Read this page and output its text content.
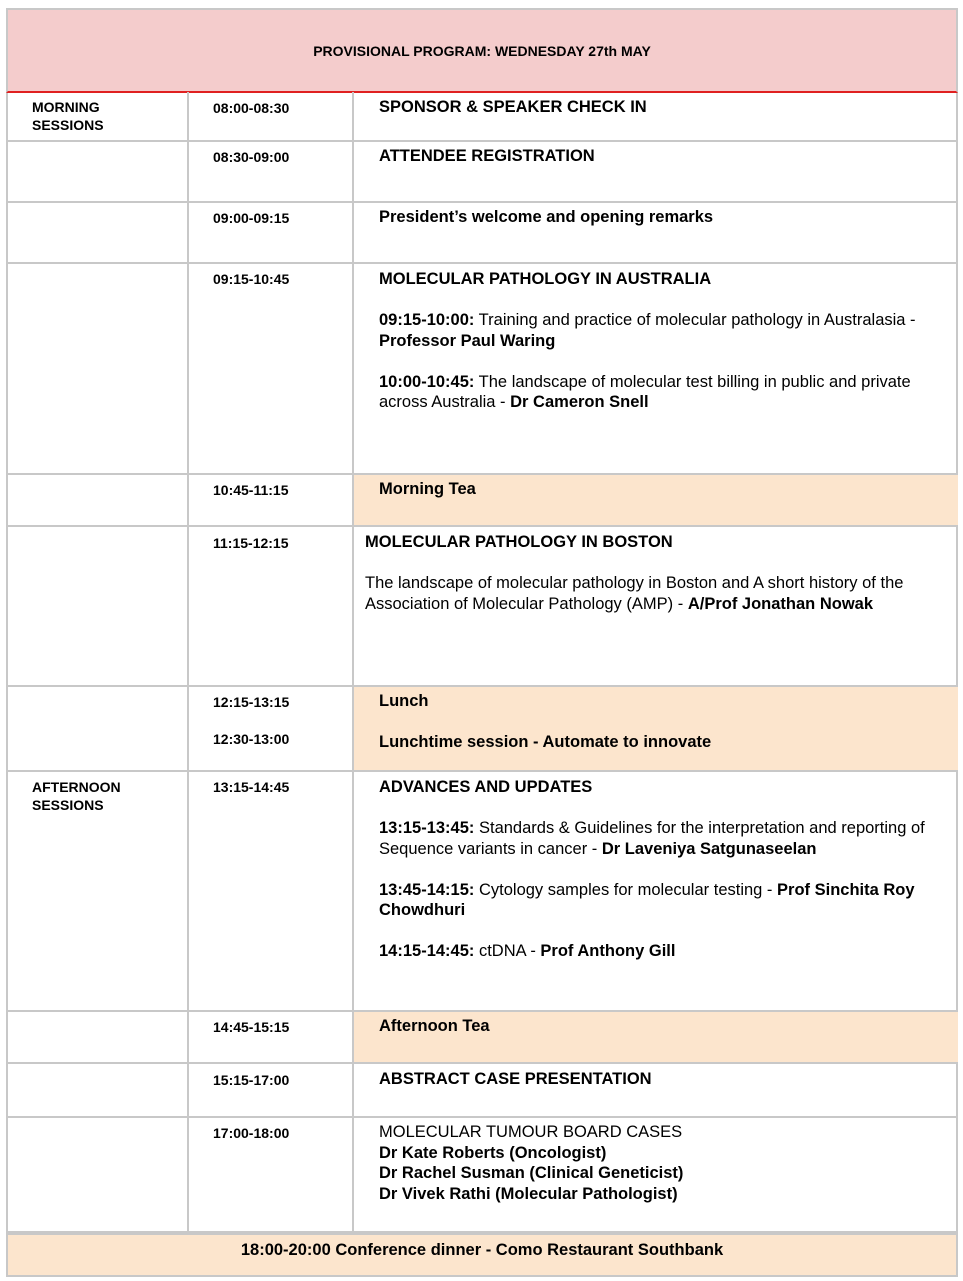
PROVISIONAL PROGRAM: WEDNESDAY 27th MAY
MORNING SESSIONS
AFTERNOON SESSIONS
08:00-08:30
08:30-09:00
09:00-09:15
09:15-10:45
10:45-11:15
11:15-12:15
12:15-13:15
12:30-13:00
13:15-14:45
14:45-15:15
15:15-17:00
17:00-18:00

SPONSOR & SPEAKER CHECK IN

ATTENDEE REGISTRATION

President’s welcome and opening remarks

MOLECULAR PATHOLOGY IN AUSTRALIA

09:15-10:00: Training and practice of molecular pathology in Australasia - Professor Paul Waring

10:00-10:45: The landscape of molecular test billing in public and private across Australia - Dr Cameron Snell

Morning Tea

MOLECULAR PATHOLOGY IN BOSTON

The landscape of molecular pathology in Boston and A short history of the Association of Molecular Pathology (AMP) - A/Prof Jonathan Nowak

Lunch

Lunchtime session - Automate to innovate

ADVANCES AND UPDATES

13:15-13:45: Standards & Guidelines for the interpretation and reporting of Sequence variants in cancer - Dr Laveniya Satgunaseelan

13:45-14:15: Cytology samples for molecular testing - Prof Sinchita Roy Chowdhuri

14:15-14:45: ctDNA - Prof Anthony Gill

Afternoon Tea

ABSTRACT CASE PRESENTATION

MOLECULAR TUMOUR BOARD CASES

Dr Kate Roberts (Oncologist)

Dr Rachel Susman (Clinical Geneticist)

Dr Vivek Rathi (Molecular Pathologist)

18:00-20:00 Conference dinner - Como Restaurant Southbank
